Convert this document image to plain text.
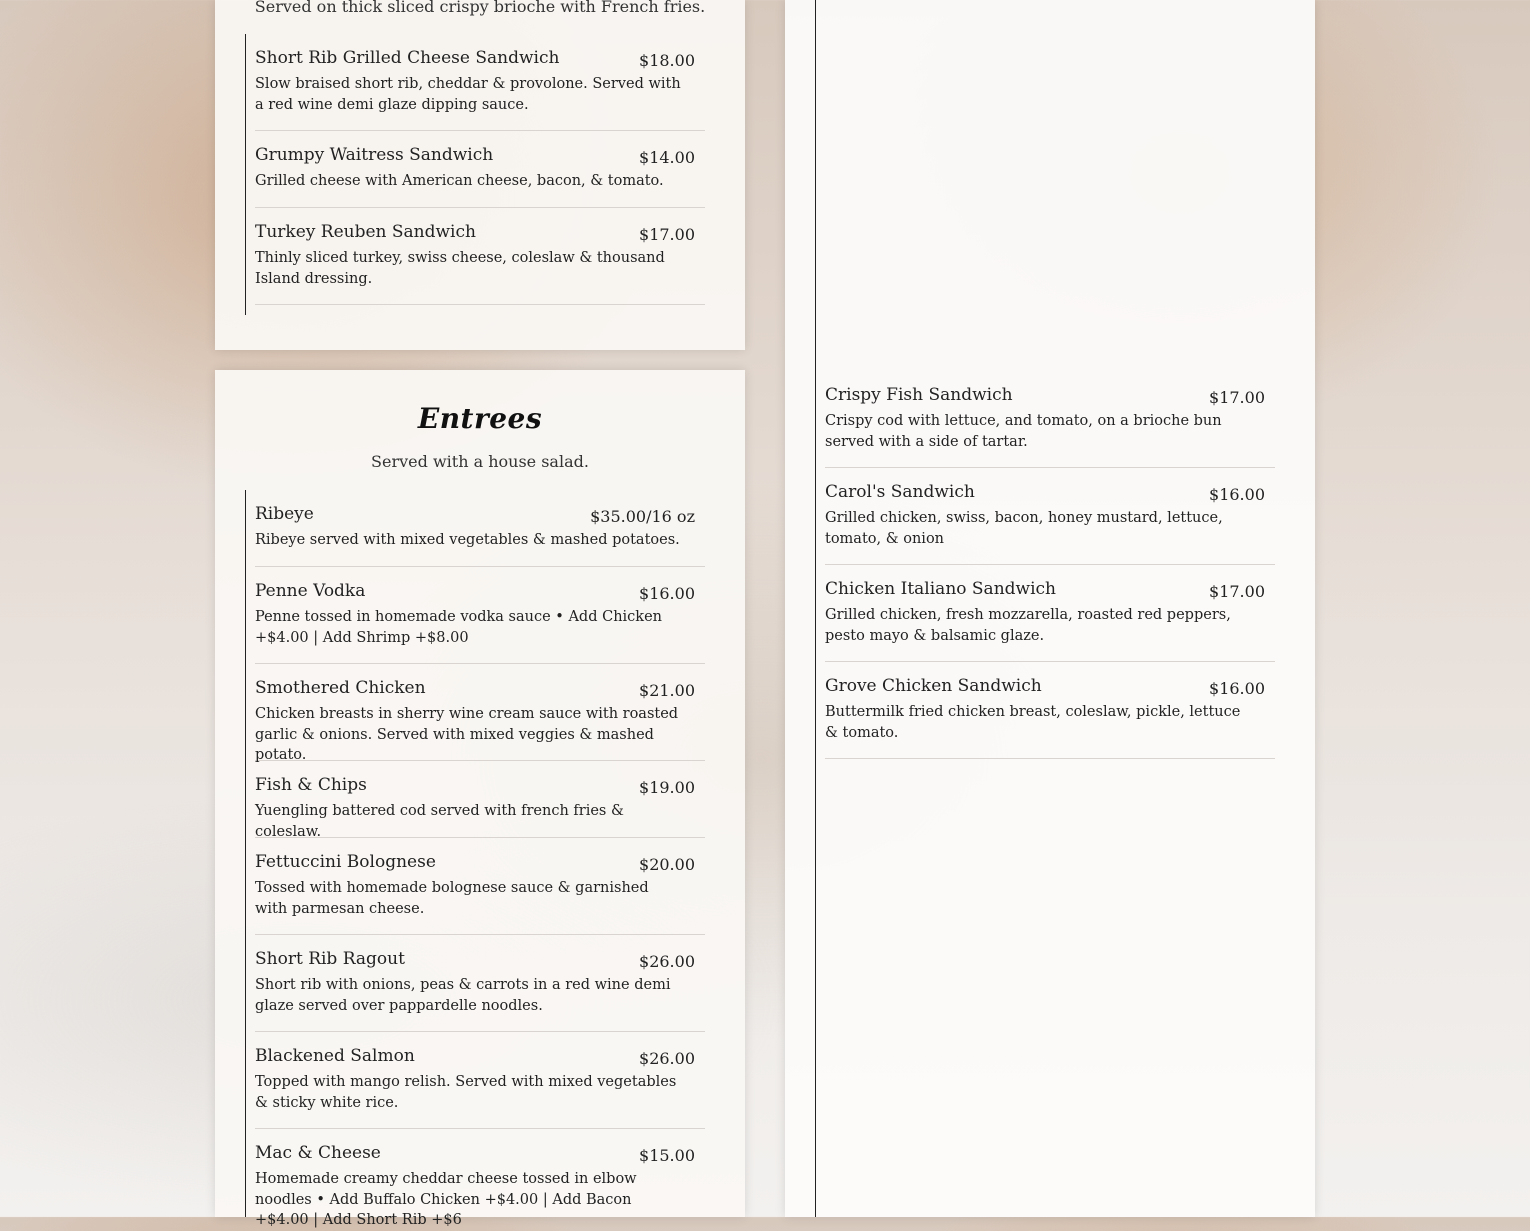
Served on thick sliced crispy brioche with French fries.
Short Rib Grilled Cheese Sandwich	$18.00
Slow braised short rib, cheddar & provolone. Served with a red wine demi glaze dipping sauce.
Grumpy Waitress Sandwich	$14.00
Grilled cheese with American cheese, bacon, & tomato.
Turkey Reuben Sandwich	$17.00
Thinly sliced turkey, swiss cheese, coleslaw & thousand Island dressing.
Entrees
Served with a house salad.
Ribeye	$35.00/16 oz
Ribeye served with mixed vegetables & mashed potatoes.
Penne Vodka	$16.00
Penne tossed in homemade vodka sauce • Add Chicken +$4.00 | Add Shrimp +$8.00
Smothered Chicken	$21.00
Chicken breasts in sherry wine cream sauce with roasted garlic & onions. Served with mixed veggies & mashed potato.
Fish & Chips	$19.00
Yuengling battered cod served with french fries & coleslaw.
Fettuccini Bolognese	$20.00
Tossed with homemade bolognese sauce & garnished with parmesan cheese.
Short Rib Ragout	$26.00
Short rib with onions, peas & carrots in a red wine demi glaze served over pappardelle noodles.
Blackened Salmon	$26.00
Topped with mango relish. Served with mixed vegetables & sticky white rice.
Mac & Cheese	$15.00
Homemade creamy cheddar cheese tossed in elbow noodles • Add Buffalo Chicken +$4.00 | Add Bacon +$4.00 | Add Short Rib +$6
Crispy Fish Sandwich	$17.00
Crispy cod with lettuce, and tomato, on a brioche bun served with a side of tartar.
Carol's Sandwich	$16.00
Grilled chicken, swiss, bacon, honey mustard, lettuce, tomato, & onion
Chicken Italiano Sandwich	$17.00
Grilled chicken, fresh mozzarella, roasted red peppers, pesto mayo & balsamic glaze.
Grove Chicken Sandwich	$16.00
Buttermilk fried chicken breast, coleslaw, pickle, lettuce & tomato.
